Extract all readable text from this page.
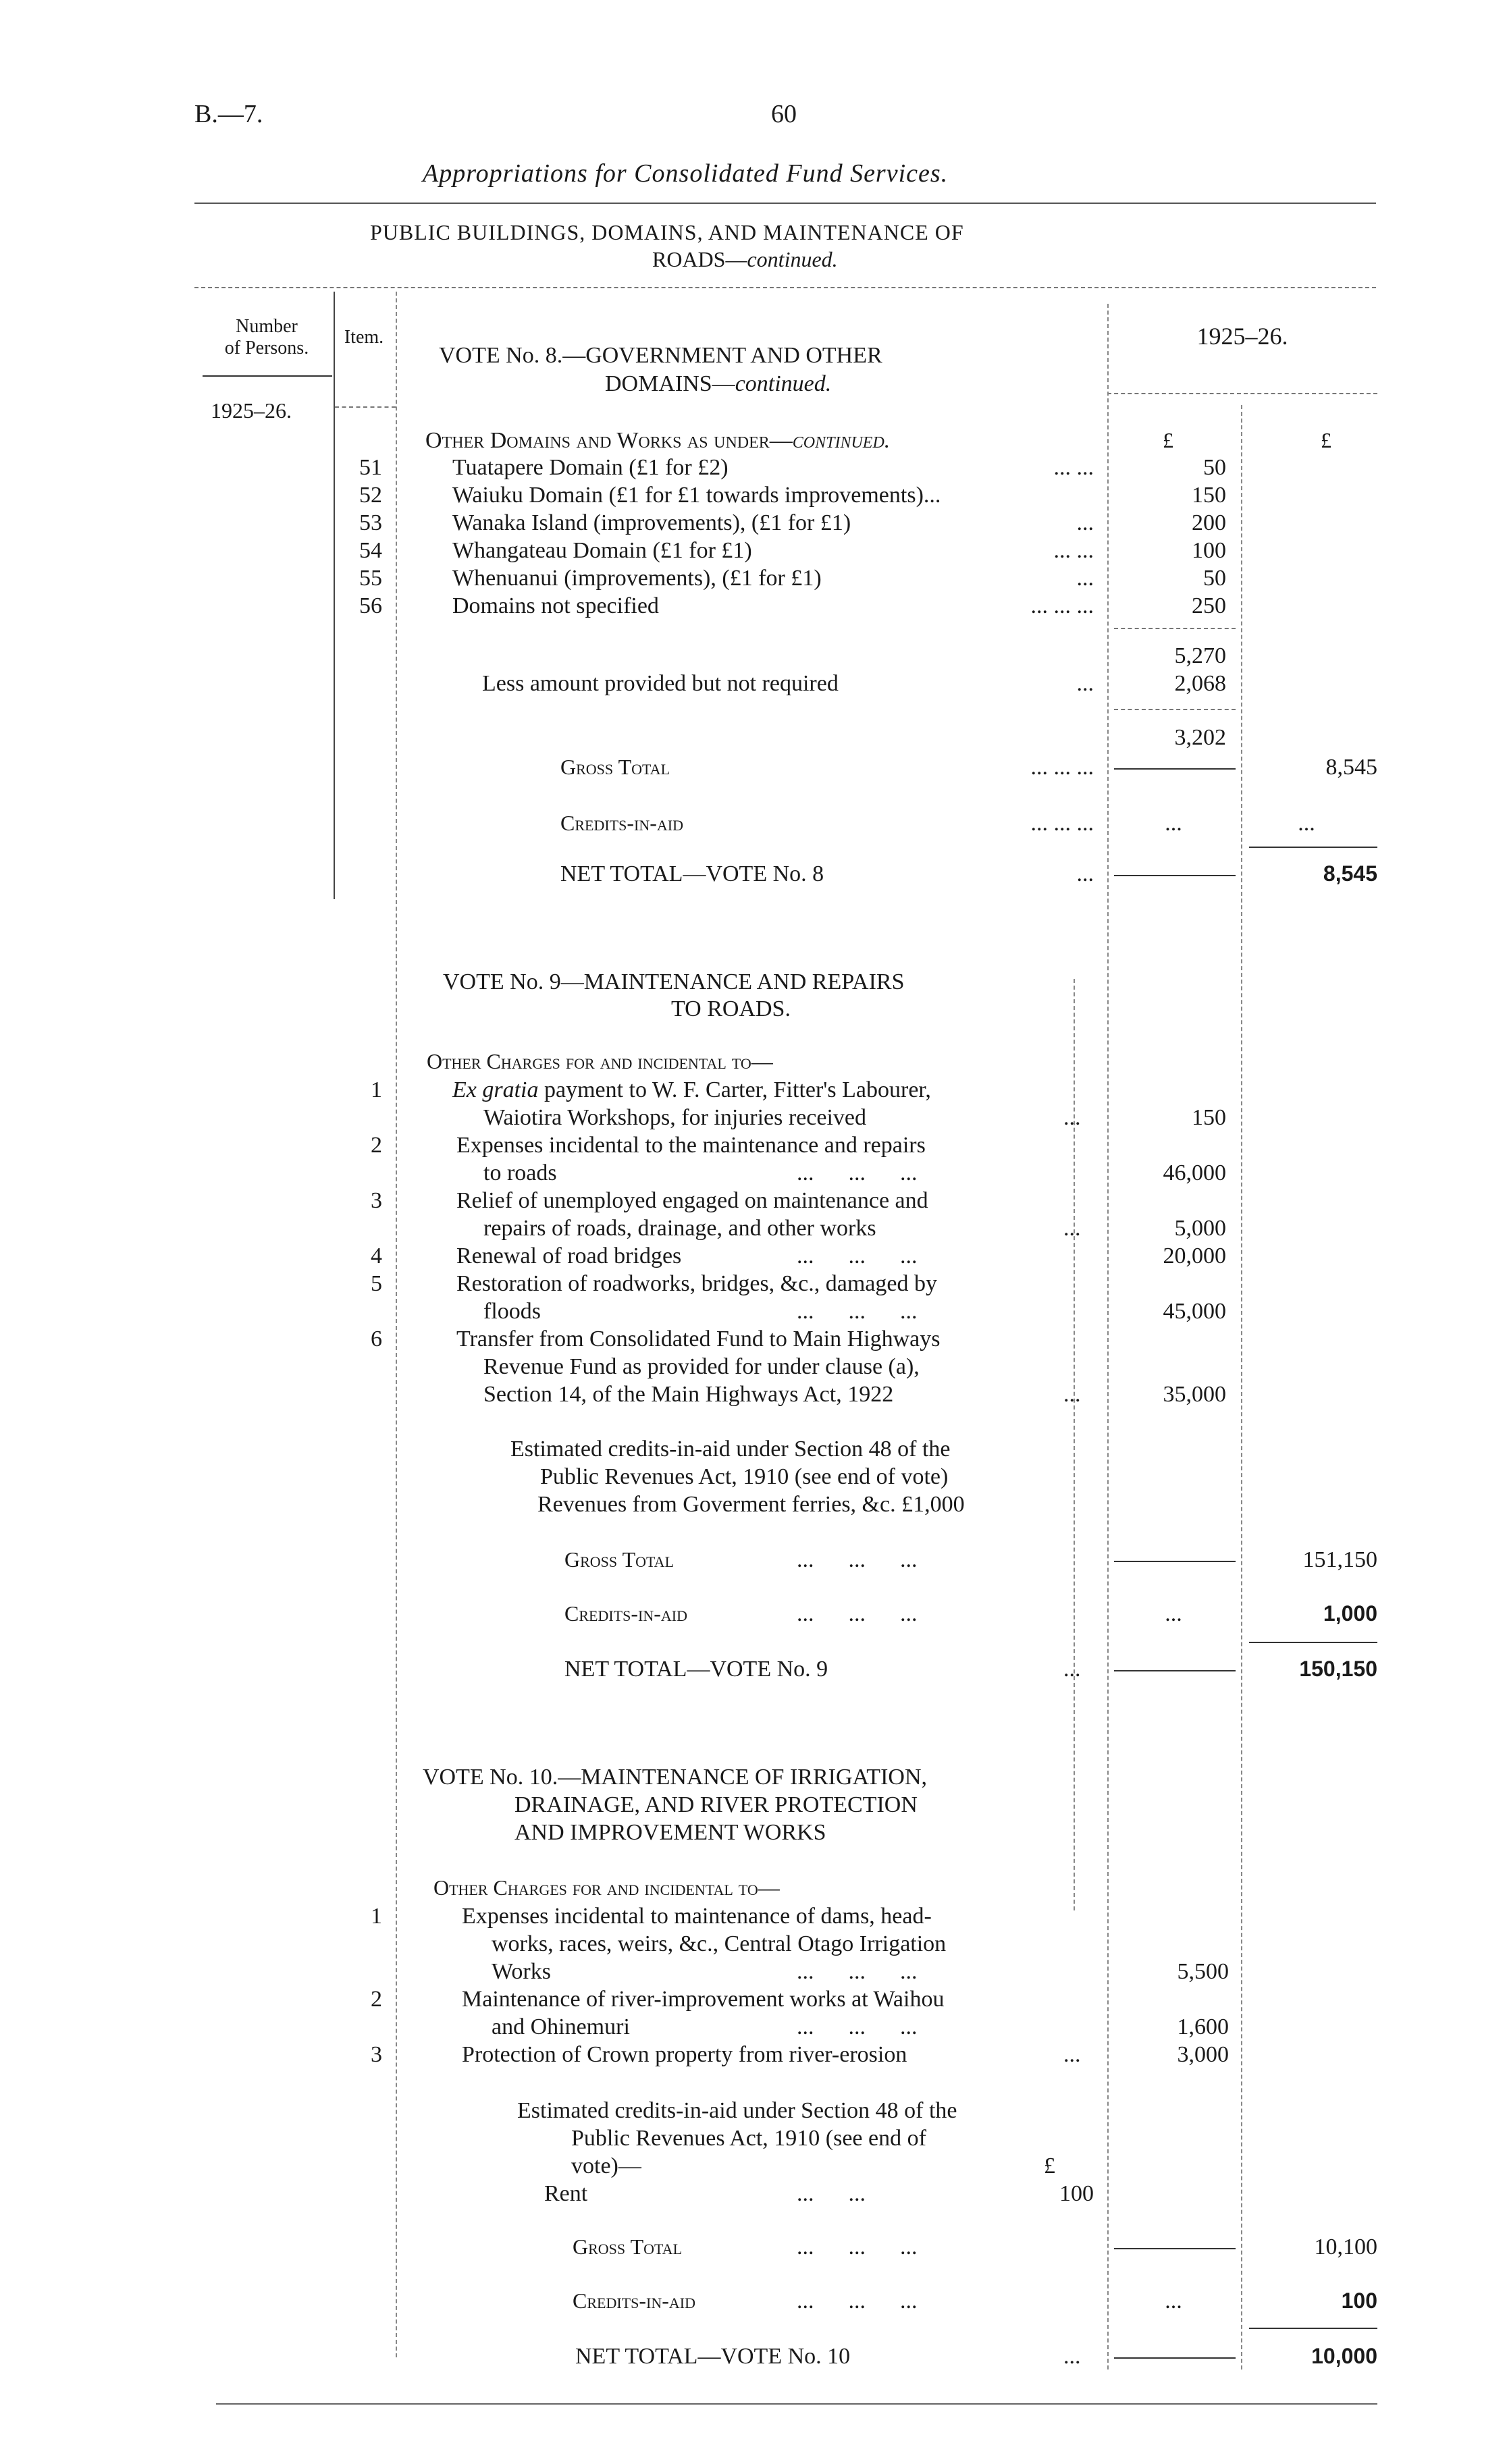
B.—7.	60
Appropriations for Consolidated Fund Services.
PUBLIC BUILDINGS, DOMAINS, AND MAINTENANCE OF
ROADS—continued.
Number
of Persons.
Item.	1925–26.
1925–26.
VOTE No. 8.—GOVERNMENT AND OTHER
DOMAINS—continued.
Other Domains and Works as under—continued.	£	£
51	Tuatapere Domain (£1 for £2)	... ...	50
52	Waiuku Domain (£1 for £1 towards improvements)...	150
53	Wanaka Island (improvements), (£1 for £1)	...	200
54	Whangateau Domain (£1 for £1)	... ...	100
55	Whenuanui (improvements), (£1 for £1)	...	50
56	Domains not specified	... ... ...	250
5,270
Less amount provided but not required	...	2,068
3,202
Gross Total	... ... ...	8,545
Credits-in-aid	... ... ...	...	...
NET TOTAL—VOTE No. 8	...	8,545
VOTE No. 9—MAINTENANCE AND REPAIRS
TO ROADS.
Other Charges for and incidental to—
1	Ex gratia payment to W. F. Carter, Fitter's Labourer,
Waiotira Workshops, for injuries received	...	150
2	Expenses incidental to the maintenance and repairs
to roads	...      ...      ...	46,000
3	Relief of unemployed engaged on maintenance and
repairs of roads, drainage, and other works	...	5,000
4	Renewal of road bridges	...      ...      ...	20,000
5	Restoration of roadworks, bridges, &c., damaged by
floods	...      ...      ...	45,000
6	Transfer from Consolidated Fund to Main Highways
Revenue Fund as provided for under clause (a),
Section 14, of the Main Highways Act, 1922	...	35,000
Estimated credits-in-aid under Section 48 of the
Public Revenues Act, 1910 (see end of vote)
Revenues from Goverment ferries, &c. £1,000
Gross Total	...      ...      ...	151,150
Credits-in-aid	...      ...      ...	...	1,000
NET TOTAL—VOTE No. 9	...	150,150
VOTE No. 10.—MAINTENANCE OF IRRIGATION,
DRAINAGE, AND RIVER PROTECTION
AND IMPROVEMENT WORKS
Other Charges for and incidental to—
1	Expenses incidental to maintenance of dams, head-
works, races, weirs, &c., Central Otago Irrigation
Works	...      ...      ...	5,500
2	Maintenance of river-improvement works at Waihou
and Ohinemuri	...      ...      ...	1,600
3	Protection of Crown property from river-erosion	...	3,000
Estimated credits-in-aid under Section 48 of the
Public Revenues Act, 1910 (see end of
vote)—	£
Rent	...      ...	100
Gross Total	...      ...      ...	10,100
Credits-in-aid	...      ...      ...	...	100
NET TOTAL—VOTE No. 10	...	10,000
